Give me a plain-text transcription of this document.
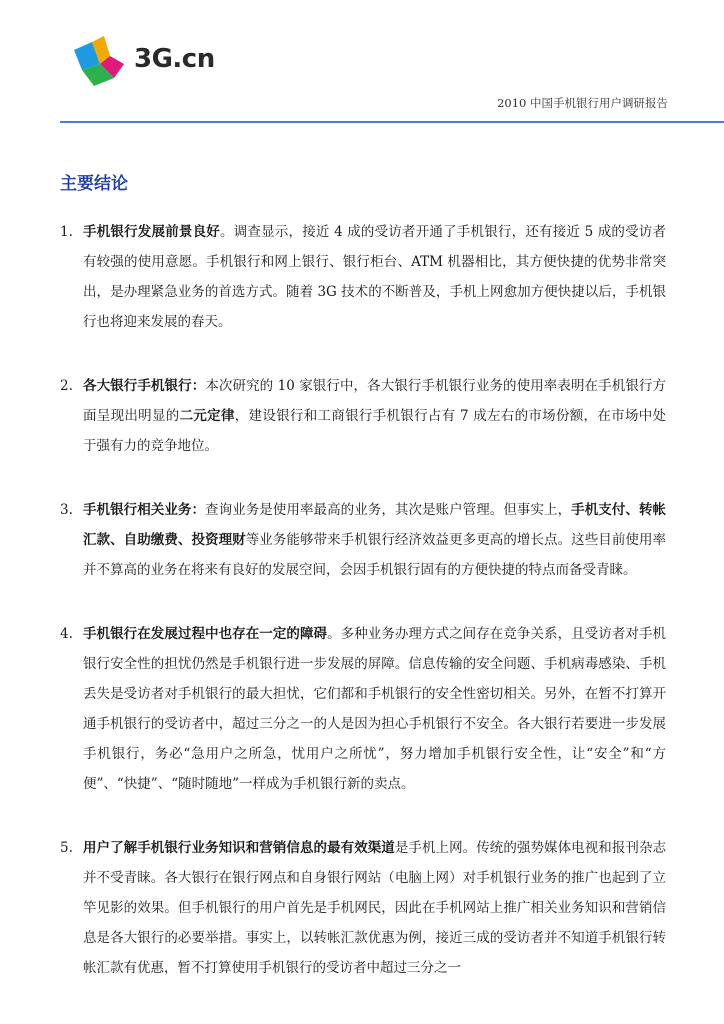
3G.cn
2010 中国手机银行用户调研报告
主要结论
1. 手机银行发展前景良好。调查显示，接近 4 成的受访者开通了手机银行，还有接近 5 成的受访者有较强的使用意愿。手机银行和网上银行、银行柜台、ATM 机器相比，其方便快捷的优势非常突出，是办理紧急业务的首选方式。随着 3G 技术的不断普及，手机上网愈加方便快捷以后，手机银行也将迎来发展的春天。
2. 各大银行手机银行：本次研究的 10 家银行中，各大银行手机银行业务的使用率表明在手机银行方面呈现出明显的二元定律，建设银行和工商银行手机银行占有 7 成左右的市场份额，在市场中处于强有力的竞争地位。
3. 手机银行相关业务：查询业务是使用率最高的业务，其次是账户管理。但事实上，手机支付、转帐汇款、自助缴费、投资理财等业务能够带来手机银行经济效益更多更高的增长点。这些目前使用率并不算高的业务在将来有良好的发展空间，会因手机银行固有的方便快捷的特点而备受青睐。
4. 手机银行在发展过程中也存在一定的障碍。多种业务办理方式之间存在竞争关系，且受访者对手机银行安全性的担忧仍然是手机银行进一步发展的屏障。信息传输的安全问题、手机病毒感染、手机丢失是受访者对手机银行的最大担忧，它们都和手机银行的安全性密切相关。另外，在暂不打算开通手机银行的受访者中，超过三分之一的人是因为担心手机银行不安全。各大银行若要进一步发展手机银行，务必“急用户之所急，忧用户之所忧”，努力增加手机银行安全性，让“安全”和“方便”、“快捷”、“随时随地”一样成为手机银行新的卖点。
5. 用户了解手机银行业务知识和营销信息的最有效渠道是手机上网。传统的强势媒体电视和报刊杂志并不受青睐。各大银行在银行网点和自身银行网站（电脑上网）对手机银行业务的推广也起到了立竿见影的效果。但手机银行的用户首先是手机网民，因此在手机网站上推广相关业务知识和营销信息是各大银行的必要举措。事实上，以转帐汇款优惠为例，接近三成的受访者并不知道手机银行转帐汇款有优惠，暂不打算使用手机银行的受访者中超过三分之一
